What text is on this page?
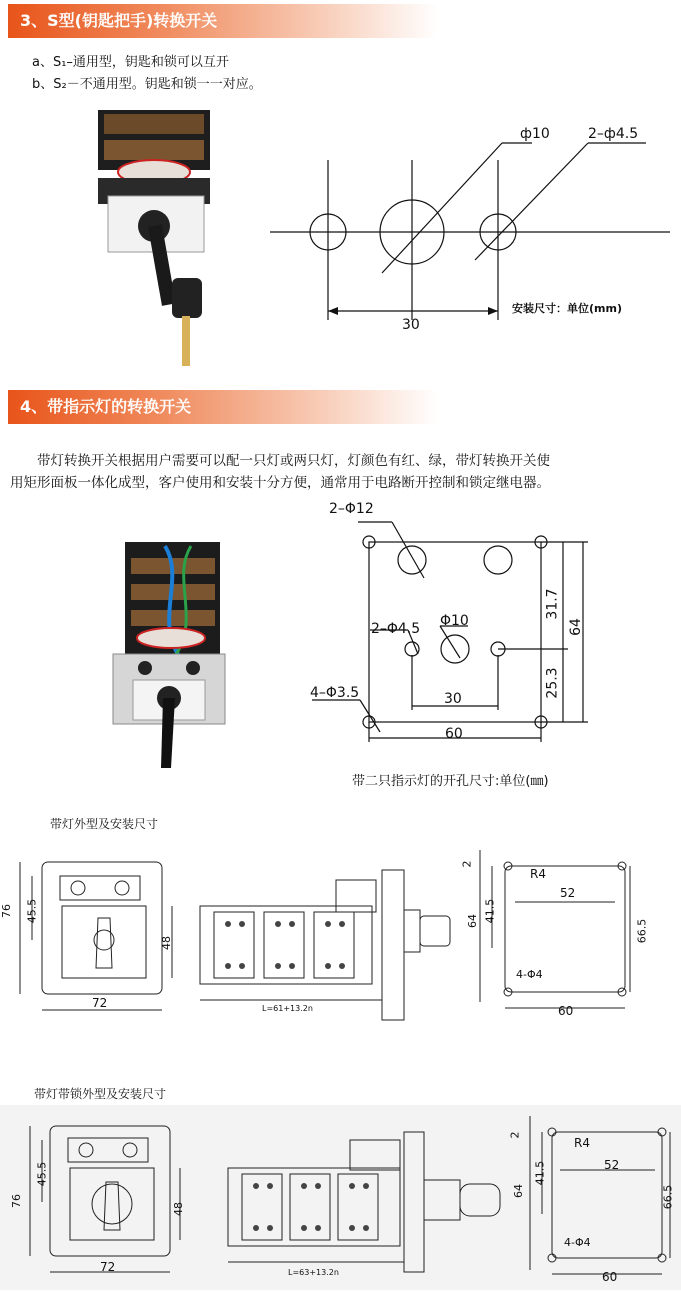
3、S型(钥匙把手)转换开关
a、S₁–通用型，钥匙和锁可以互开
b、S₂－不通用型。钥匙和锁一一对应。
ф10	2–ф4.5
30
安装尺寸：单位(mm)
4、带指示灯的转换开关
带灯转换开关根据用户需要可以配一只灯或两只灯，灯颜色有红、绿，带灯转换开关使
用矩形面板一体化成型，客户使用和安装十分方便，通常用于电路断开控制和锁定继电器。
2–Φ12
2–Φ4.5 Φ10
4–Φ3.5	30
60
31.7
64
25.3
带二只指示灯的开孔尺寸:单位(㎜)
带灯外型及安装尺寸
76 45.5
48
72	L=61+13.2n
2
R4
52
64 41.5
66.5
4-Φ4
60
带灯带锁外型及安装尺寸
76
45.5
48
72	L=63+13.2n
2
R4
52
64
41.5
66.5
4-Φ4
60
